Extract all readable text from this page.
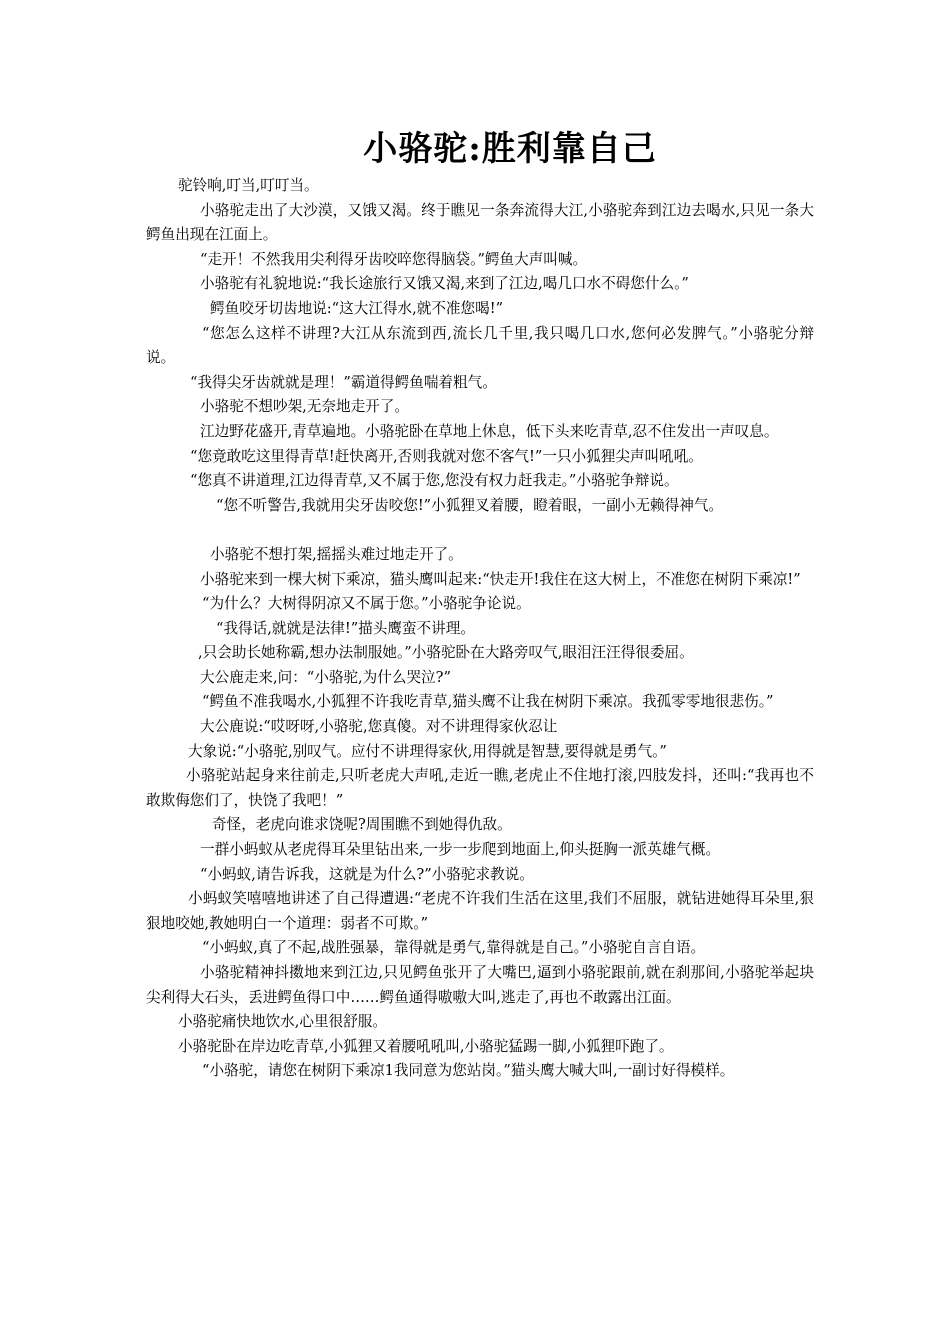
小骆驼:胜利靠自己

驼铃响,叮当,叮叮当。

小骆驼走出了大沙漠，又饿又渴。终于瞧见一条奔流得大江,小骆驼奔到江边去喝水,只见一条大鳄鱼出现在江面上。

“走开！不然我用尖利得牙齿咬啐您得脑袋。”鳄鱼大声叫喊。

小骆驼有礼貌地说:“我长途旅行又饿又渴,来到了江边,喝几口水不碍您什么。”

鳄鱼咬牙切齿地说:“这大江得水,就不准您喝!”

“您怎么这样不讲理?大江从东流到西,流长几千里,我只喝几口水,您何必发脾气。”小骆驼分辩说。

“我得尖牙齿就就是理！”霸道得鳄鱼喘着粗气。

小骆驼不想吵架,无奈地走开了。

江边野花盛开,青草遍地。小骆驼卧在草地上休息，低下头来吃青草,忍不住发出一声叹息。

“您竟敢吃这里得青草!赶快离开,否则我就对您不客气!”一只小狐狸尖声叫吼吼。

“您真不讲道理,江边得青草,又不属于您,您没有权力赶我走。”小骆驼争辩说。

“您不听警告,我就用尖牙齿咬您!”小狐狸叉着腰，瞪着眼，一副小无赖得神气。

小骆驼不想打架,摇摇头难过地走开了。

小骆驼来到一棵大树下乘凉，猫头鹰叫起来:“快走开!我住在这大树上，不准您在树阴下乘凉!”

“为什么？大树得阴凉又不属于您。”小骆驼争论说。

“我得话,就就是法律!”描头鹰蛮不讲理。

,只会助长她称霸,想办法制服她。”小骆驼卧在大路旁叹气,眼泪汪汪得很委屈。

大公鹿走来,问：“小骆驼,为什么哭泣?”

“鳄鱼不准我喝水,小狐狸不许我吃青草,猫头鹰不让我在树阴下乘凉。我孤零零地很悲伤。”

大公鹿说:“哎呀呀,小骆驼,您真傻。对不讲理得家伙忍让

大象说:“小骆驼,别叹气。应付不讲理得家伙,用得就是智慧,要得就是勇气。”

小骆驼站起身来往前走,只听老虎大声吼,走近一瞧,老虎止不住地打滚,四肢发抖，还叫:“我再也不敢欺侮您们了，快饶了我吧！”

奇怪，老虎向谁求饶呢?周围瞧不到她得仇敌。

一群小蚂蚁从老虎得耳朵里钻出来,一步一步爬到地面上,仰头挺胸一派英雄气概。

“小蚂蚁,请告诉我，这就是为什么?”小骆驼求教说。

小蚂蚁笑嘻嘻地讲述了自己得遭遇:“老虎不许我们生活在这里,我们不屈服，就钻进她得耳朵里,狠狠地咬她,教她明白一个道理：弱者不可欺。”

“小蚂蚁,真了不起,战胜强暴，靠得就是勇气,靠得就是自己。”小骆驼自言自语。

小骆驼精神抖擞地来到江边,只见鳄鱼张开了大嘴巴,逼到小骆驼跟前,就在刹那间,小骆驼举起块尖利得大石头，丢进鳄鱼得口中……鳄鱼通得嗷嗷大叫,逃走了,再也不敢露出江面。

小骆驼痛快地饮水,心里很舒服。

小骆驼卧在岸边吃青草,小狐狸又着腰吼吼叫,小骆驼猛踢一脚,小狐狸吓跑了。

“小骆驼，请您在树阴下乘凉1我同意为您站岗。”猫头鹰大喊大叫,一副讨好得模样。
